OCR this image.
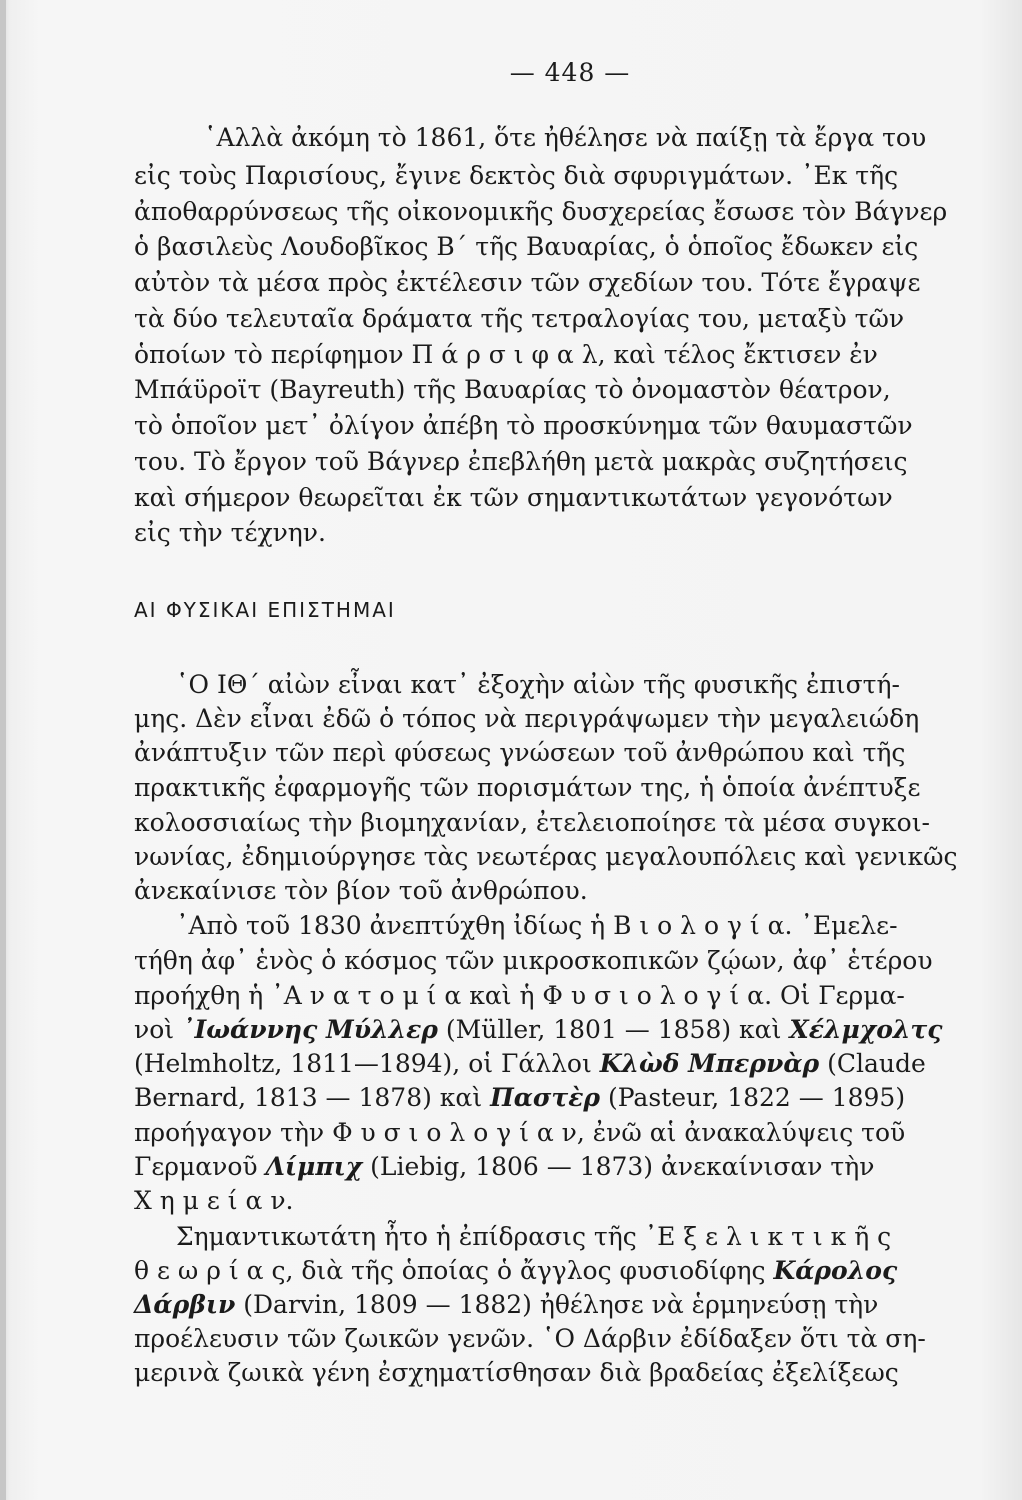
— 448 —
῾Αλλὰ ἀκόμη τὸ 1861, ὅτε ἠθέλησε νὰ παίξῃ τὰ ἔργα του
εἰς τοὺς Παρισίους, ἔγινε δεκτὸς διὰ σφυριγμάτων. ᾿Εκ τῆς
ἀποθαρρύνσεως τῆς οἰκονομικῆς δυσχερείας ἔσωσε τὸν Βάγνερ
ὁ βασιλεὺς Λουδοβῖκος Β΄ τῆς Βαυαρίας, ὁ ὁποῖος ἔδωκεν εἰς
αὐτὸν τὰ μέσα πρὸς ἐκτέλεσιν τῶν σχεδίων του. Τότε ἔγραψε
τὰ δύο τελευταῖα δράματα τῆς τετραλογίας του, μεταξὺ τῶν
ὁποίων τὸ περίφημον Π ά ρ σ ι φ α λ, καὶ τέλος ἔκτισεν ἐν
Μπάϋροϊτ (Bayreuth) τῆς Βαυαρίας τὸ ὀνομαστὸν θέατρον,
τὸ ὁποῖον μετ᾿ ὀλίγον ἀπέβη τὸ προσκύνημα τῶν θαυμαστῶν
του. Τὸ ἔργον τοῦ Βάγνερ ἐπεβλήθη μετὰ μακρὰς συζητήσεις
καὶ σήμερον θεωρεῖται ἐκ τῶν σημαντικωτάτων γεγονότων
εἰς τὴν τέχνην.
ΑΙ ΦΥΣΙΚΑΙ ΕΠΙΣΤΗΜΑΙ
῾Ο ΙΘ΄ αἰὼν εἶναι κατ᾿ ἐξοχὴν αἰὼν τῆς φυσικῆς ἐπιστή-
μης. Δὲν εἶναι ἐδῶ ὁ τόπος νὰ περιγράψωμεν τὴν μεγαλειώδη
ἀνάπτυξιν τῶν περὶ φύσεως γνώσεων τοῦ ἀνθρώπου καὶ τῆς
πρακτικῆς ἐφαρμογῆς τῶν πορισμάτων της, ἡ ὁποία ἀνέπτυξε
κολοσσιαίως τὴν βιομηχανίαν, ἐτελειοποίησε τὰ μέσα συγκοι-
νωνίας, ἐδημιούργησε τὰς νεωτέρας μεγαλουπόλεις καὶ γενικῶς
ἀνεκαίνισε τὸν βίον τοῦ ἀνθρώπου.
᾿Απὸ τοῦ 1830 ἀνεπτύχθη ἰδίως ἡ Β ι ο λ ο γ ί α. ᾿Εμελε-
τήθη ἀφ᾿ ἑνὸς ὁ κόσμος τῶν μικροσκοπικῶν ζῴων, ἀφ᾿ ἑτέρου
προήχθη ἡ ᾿Α ν α τ ο μ ί α καὶ ἡ Φ υ σ ι ο λ ο γ ί α. Οἱ Γερμα-
νοὶ ᾿Ιωάννης Μύλλερ (Müller, 1801 — 1858) καὶ Χέλμχολτς
(Helmholtz, 1811—1894), οἱ Γάλλοι Κλὼδ Μπερνὰρ (Claude
Bernard, 1813 — 1878) καὶ Παστὲρ (Pasteur, 1822 — 1895)
προήγαγον τὴν Φ υ σ ι ο λ ο γ ί α ν, ἐνῶ αἱ ἀνακαλύψεις τοῦ
Γερμανοῦ Λίμπιχ (Liebig, 1806 — 1873) ἀνεκαίνισαν τὴν
Χ η μ ε ί α ν.
Σημαντικωτάτη ἦτο ἡ ἐπίδρασις τῆς ᾿Ε ξ ε λ ι κ τ ι κ ῆ ς
θ ε ω ρ ί α ς, διὰ τῆς ὁποίας ὁ ἄγγλος φυσιοδίφης Κάρολος
Δάρβιν (Darvin, 1809 — 1882) ἠθέλησε νὰ ἑρμηνεύσῃ τὴν
προέλευσιν τῶν ζωικῶν γενῶν. ῾Ο Δάρβιν ἐδίδαξεν ὅτι τὰ ση-
μερινὰ ζωικὰ γένη ἐσχηματίσθησαν διὰ βραδείας ἐξελίξεως
